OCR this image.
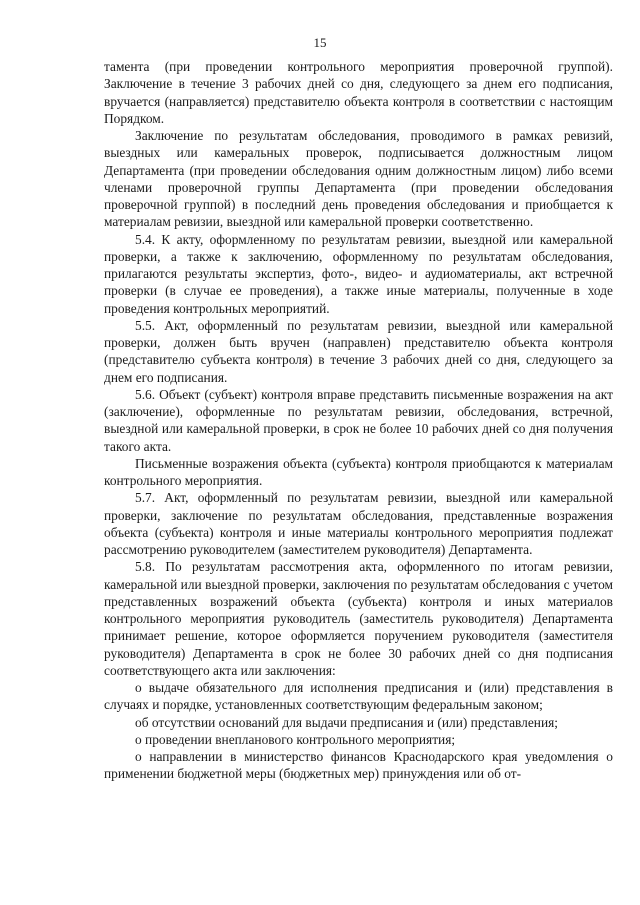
15

тамента (при проведении контрольного мероприятия проверочной группой). Заключение в течение 3 рабочих дней со дня, следующего за днем его подписания, вручается (направляется) представителю объекта контроля в соответствии с настоящим Порядком.

Заключение по результатам обследования, проводимого в рамках ревизий, выездных или камеральных проверок, подписывается должностным лицом Департамента (при проведении обследования одним должностным лицом) либо всеми членами проверочной группы Департамента (при проведении обследования проверочной группой) в последний день проведения обследования и приобщается к материалам ревизии, выездной или камеральной проверки соответственно.

5.4. К акту, оформленному по результатам ревизии, выездной или камеральной проверки, а также к заключению, оформленному по результатам обследования, прилагаются результаты экспертиз, фото-, видео- и аудиоматериалы, акт встречной проверки (в случае ее проведения), а также иные материалы, полученные в ходе проведения контрольных мероприятий.

5.5. Акт, оформленный по результатам ревизии, выездной или камеральной проверки, должен быть вручен (направлен) представителю объекта контроля (представителю субъекта контроля) в течение 3 рабочих дней со дня, следующего за днем его подписания.

5.6. Объект (субъект) контроля вправе представить письменные возражения на акт (заключение), оформленные по результатам ревизии, обследования, встречной, выездной или камеральной проверки, в срок не более 10 рабочих дней со дня получения такого акта.

Письменные возражения объекта (субъекта) контроля приобщаются к материалам контрольного мероприятия.

5.7. Акт, оформленный по результатам ревизии, выездной или камеральной проверки, заключение по результатам обследования, представленные возражения объекта (субъекта) контроля и иные материалы контрольного мероприятия подлежат рассмотрению руководителем (заместителем руководителя) Департамента.

5.8. По результатам рассмотрения акта, оформленного по итогам ревизии, камеральной или выездной проверки, заключения по результатам обследования с учетом представленных возражений объекта (субъекта) контроля и иных материалов контрольного мероприятия руководитель (заместитель руководителя) Департамента принимает решение, которое оформляется поручением руководителя (заместителя руководителя) Департамента в срок не более 30 рабочих дней со дня подписания соответствующего акта или заключения:

о выдаче обязательного для исполнения предписания и (или) представления в случаях и порядке, установленных соответствующим федеральным законом;

об отсутствии оснований для выдачи предписания и (или) представления;

о проведении внепланового контрольного мероприятия;

о направлении в министерство финансов Краснодарского края уведомления о применении бюджетной меры (бюджетных мер) принуждения или об от-
